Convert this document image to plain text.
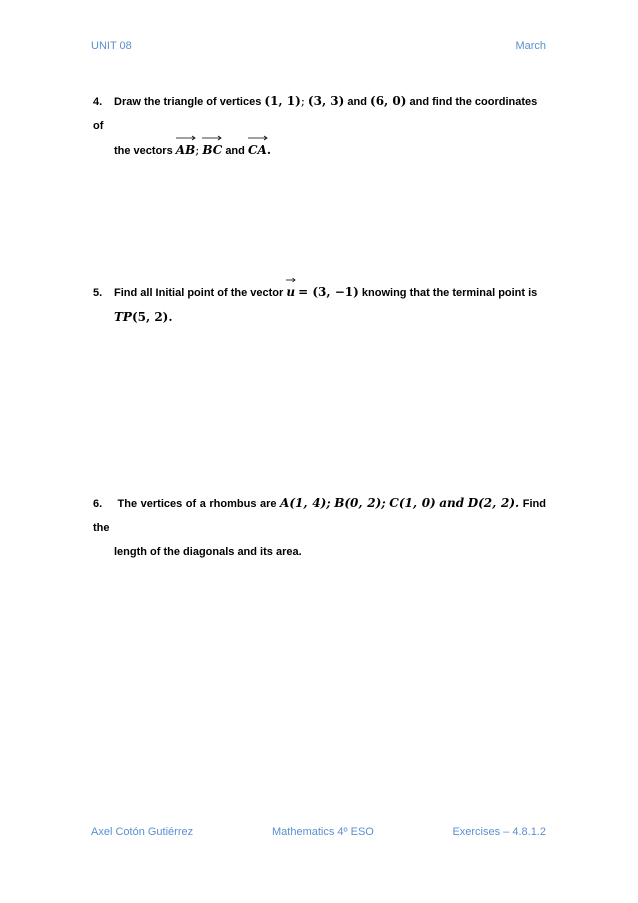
UNIT 08	March
4. Draw the triangle of vertices (1, 1); (3, 3) and (6, 0) and find the coordinates of
the vectors AB; BC and CA.
5. Find all Initial point of the vector u = (3, −1) knowing that the terminal point is
TP(5, 2).
6. The vertices of a rhombus are A(1, 4); B(0, 2); C(1, 0) and D(2, 2). Find the
length of the diagonals and its area.
Axel Cotón Gutiérrez	Mathematics 4º ESO	Exercises – 4.8.1.2
